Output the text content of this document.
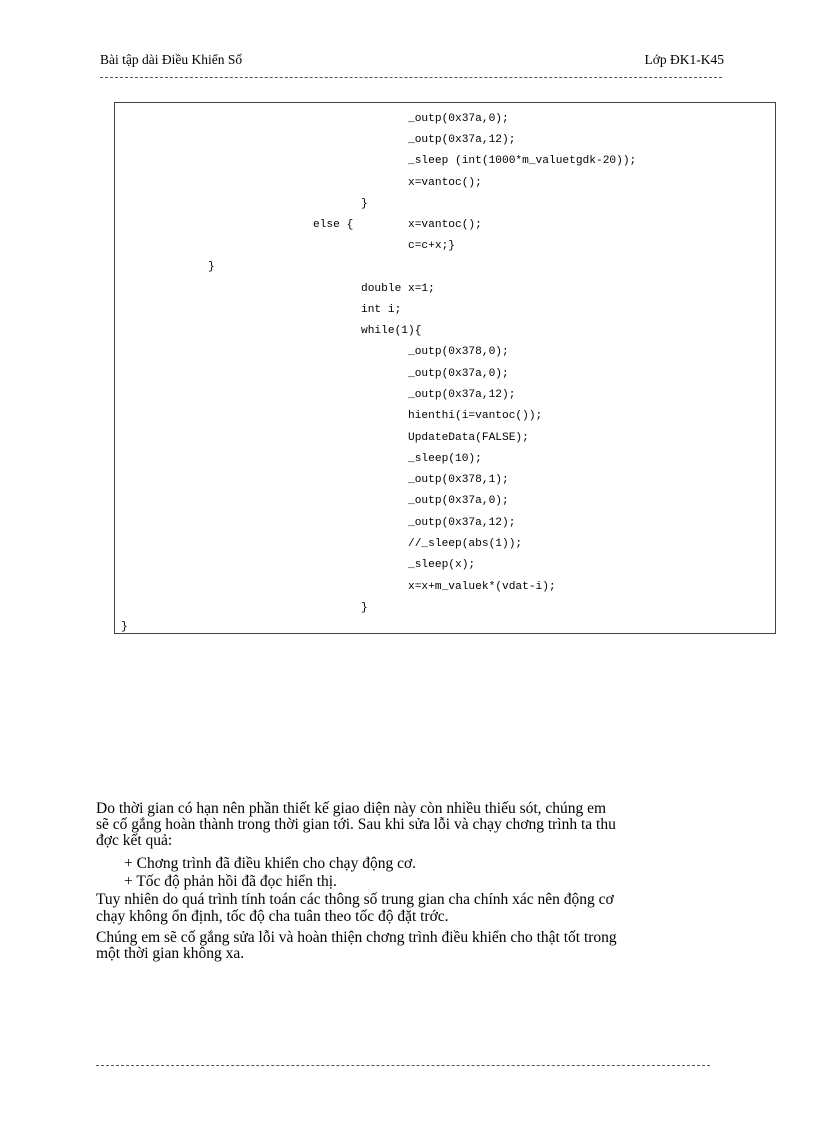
Bài tập dài Điều Khiển Số	Lớp ĐK1-K45
_outp(0x37a,0);
_outp(0x37a,12);
_sleep (int(1000*m_valuetgdk-20));
x=vantoc();
}
else {	x=vantoc();
c=c+x;}
}
double x=1;
int i;
while(1){
_outp(0x378,0);
_outp(0x37a,0);
_outp(0x37a,12);
hienthi(i=vantoc());
UpdateData(FALSE);
_sleep(10);
_outp(0x378,1);
_outp(0x37a,0);
_outp(0x37a,12);
//_sleep(abs(1));
_sleep(x);
x=x+m_valuek*(vdat-i);
}
}
Do thời gian có hạn nên phần thiết kế giao diện này còn nhiều thiếu sót, chúng em
sẽ cố gắng hoàn thành trong thời gian tới. Sau khi sửa lỗi và chạy chơng trình ta thu
đợc kết quả:
+ Chơng trình đã điều khiển cho chạy động cơ.
+ Tốc độ phản hồi đã đọc hiển thị.
Tuy nhiên do quá trình tính toán các thông số trung gian cha chính xác nên động cơ
chạy không ổn định, tốc độ cha tuân theo tốc độ đặt trớc.
Chúng em sẽ cố gắng sửa lỗi và hoàn thiện chơng trình điều khiển cho thật tốt trong
một thời gian không xa.
